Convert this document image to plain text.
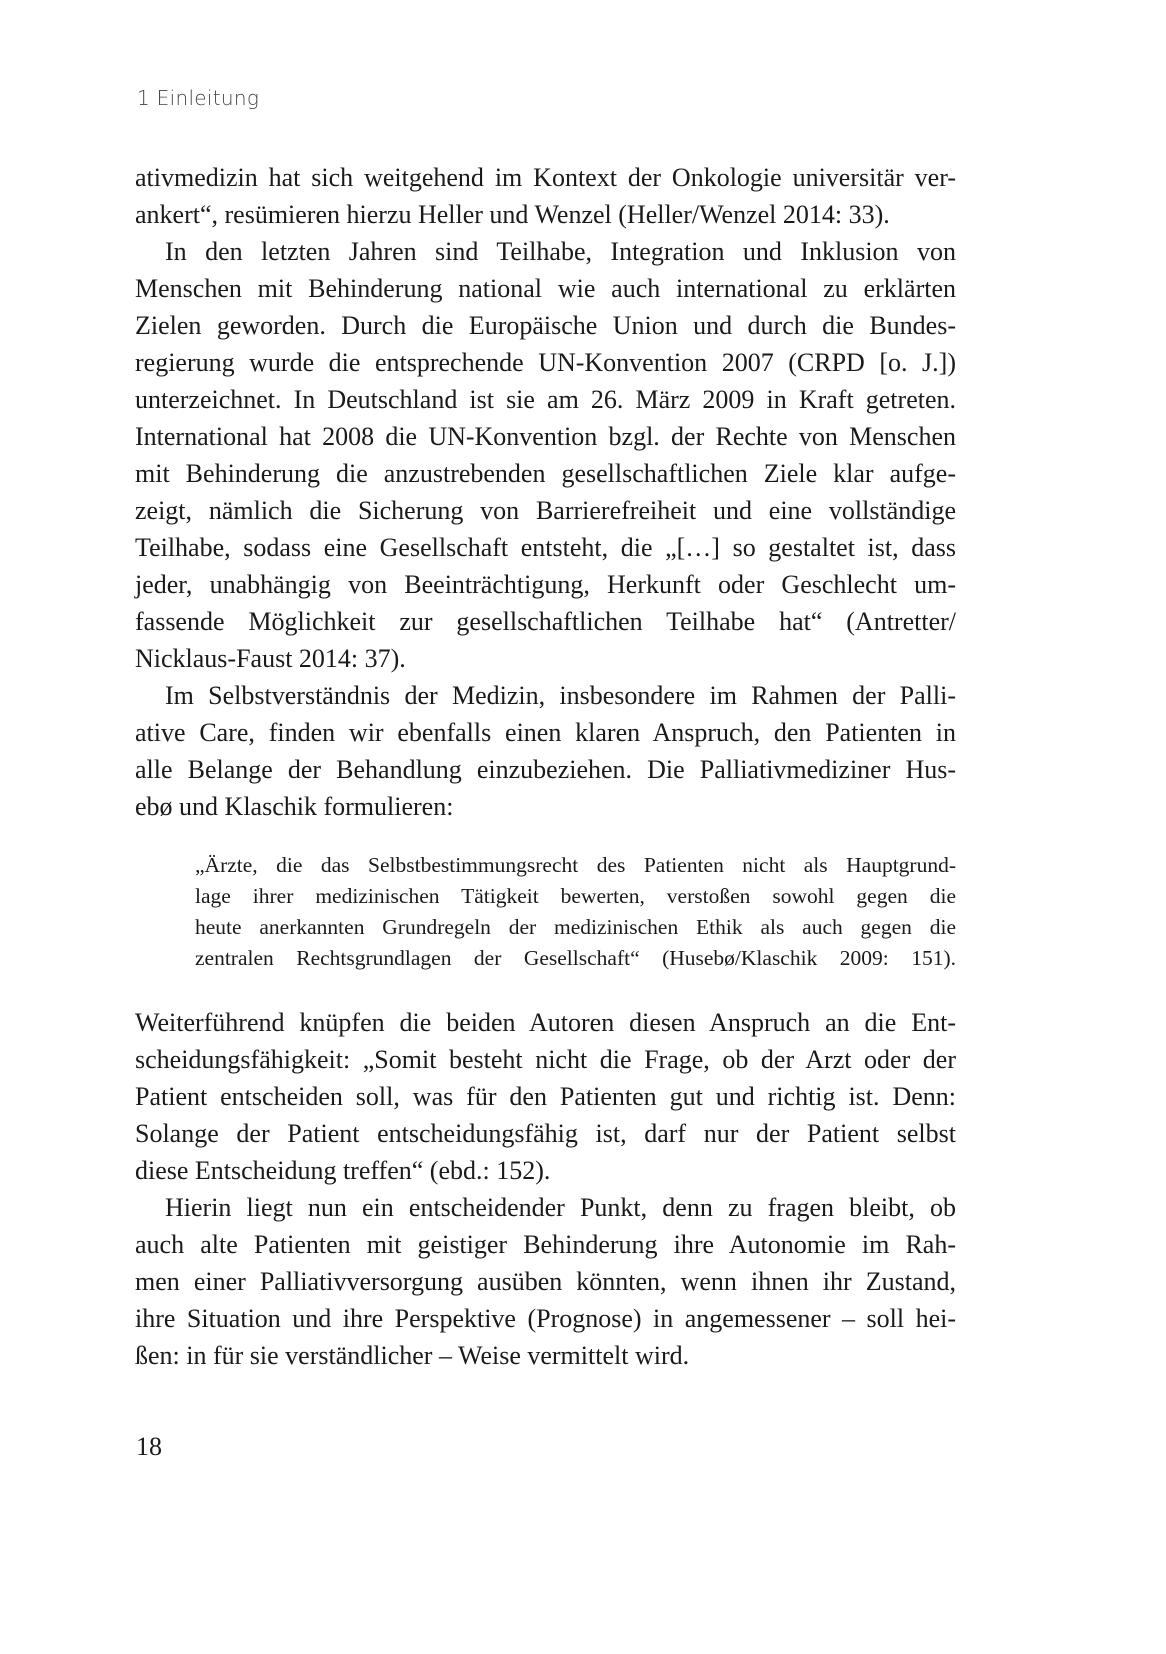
1 Einleitung
ativmedizin hat sich weitgehend im Kontext der Onkologie universitär ver-
ankert“, resümieren hierzu Heller und Wenzel (Heller/Wenzel 2014: 33).
In den letzten Jahren sind Teilhabe, Integration und Inklusion von
Menschen mit Behinderung national wie auch international zu erklärten
Zielen geworden. Durch die Europäische Union und durch die Bundes-
regierung wurde die entsprechende UN-Konvention 2007 (CRPD [o. J.])
unterzeichnet. In Deutschland ist sie am 26. März 2009 in Kraft getreten.
International hat 2008 die UN-Konvention bzgl. der Rechte von Menschen
mit Behinderung die anzustrebenden gesellschaftlichen Ziele klar aufge-
zeigt, nämlich die Sicherung von Barrierefreiheit und eine vollständige
Teilhabe, sodass eine Gesellschaft entsteht, die „[…] so gestaltet ist, dass
jeder, unabhängig von Beeinträchtigung, Herkunft oder Geschlecht um-
fassende Möglichkeit zur gesellschaftlichen Teilhabe hat“ (Antretter/
Nicklaus-Faust 2014: 37).
Im Selbstverständnis der Medizin, insbesondere im Rahmen der Palli-
ative Care, finden wir ebenfalls einen klaren Anspruch, den Patienten in
alle Belange der Behandlung einzubeziehen. Die Palliativmediziner Hus-
ebø und Klaschik formulieren:
„Ärzte, die das Selbstbestimmungsrecht des Patienten nicht als Hauptgrund-
lage ihrer medizinischen Tätigkeit bewerten, verstoßen sowohl gegen die
heute anerkannten Grundregeln der medizinischen Ethik als auch gegen die
zentralen Rechtsgrundlagen der Gesellschaft“ (Husebø/Klaschik 2009: 151).
Weiterführend knüpfen die beiden Autoren diesen Anspruch an die Ent-
scheidungsfähigkeit: „Somit besteht nicht die Frage, ob der Arzt oder der
Patient entscheiden soll, was für den Patienten gut und richtig ist. Denn:
Solange der Patient entscheidungsfähig ist, darf nur der Patient selbst
diese Entscheidung treffen“ (ebd.: 152).
Hierin liegt nun ein entscheidender Punkt, denn zu fragen bleibt, ob
auch alte Patienten mit geistiger Behinderung ihre Autonomie im Rah-
men einer Palliativversorgung ausüben könnten, wenn ihnen ihr Zustand,
ihre Situation und ihre Perspektive (Prognose) in angemessener – soll hei-
ßen: in für sie verständlicher – Weise vermittelt wird.
18
